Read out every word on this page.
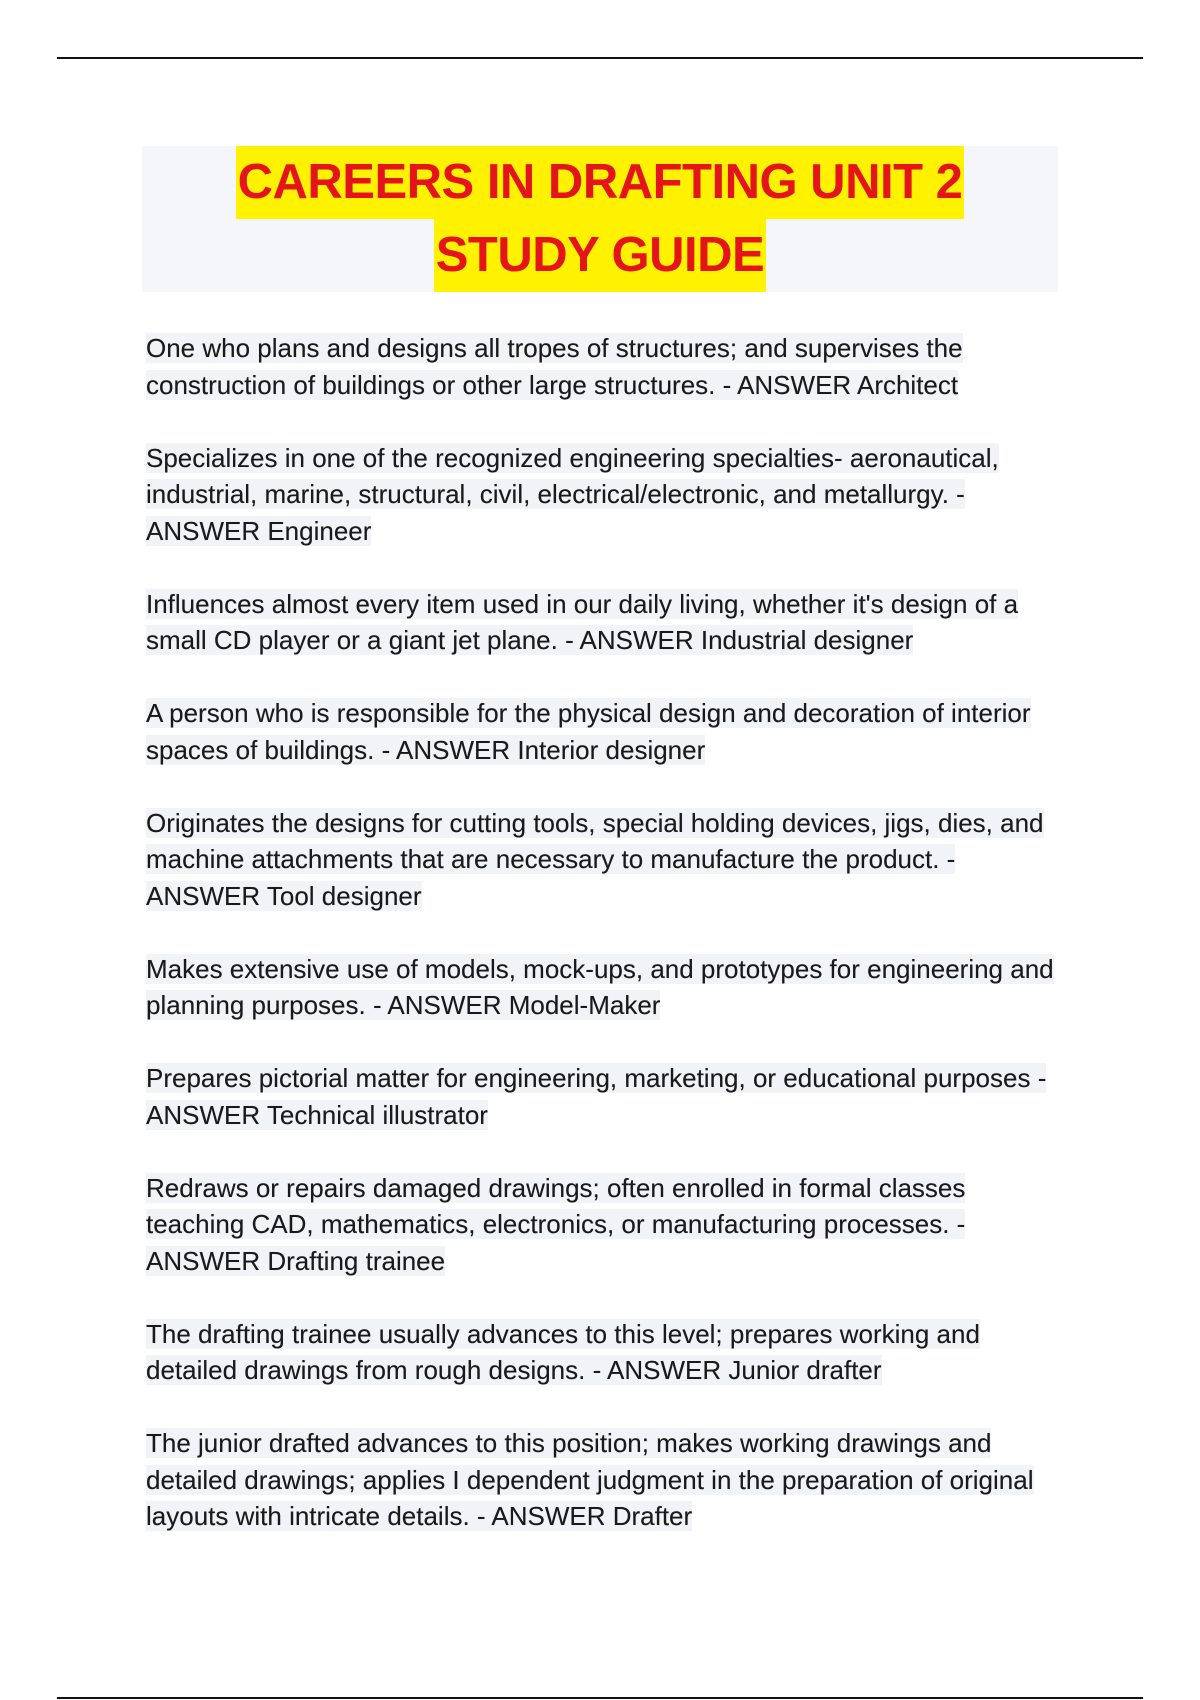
CAREERS IN DRAFTING UNIT 2
STUDY GUIDE
One who plans and designs all tropes of structures; and supervises the construction of buildings or other large structures. - ANSWER Architect
Specializes in one of the recognized engineering specialties- aeronautical, industrial, marine, structural, civil, electrical/electronic, and metallurgy. - ANSWER Engineer
Influences almost every item used in our daily living, whether it's design of a small CD player or a giant jet plane. - ANSWER Industrial designer
A person who is responsible for the physical design and decoration of interior spaces of buildings. - ANSWER Interior designer
Originates the designs for cutting tools, special holding devices, jigs, dies, and machine attachments that are necessary to manufacture the product. - ANSWER Tool designer
Makes extensive use of models, mock-ups, and prototypes for engineering and planning purposes. - ANSWER Model-Maker
Prepares pictorial matter for engineering, marketing, or educational purposes - ANSWER Technical illustrator
Redraws or repairs damaged drawings; often enrolled in formal classes teaching CAD, mathematics, electronics, or manufacturing processes. - ANSWER Drafting trainee
The drafting trainee usually advances to this level; prepares working and detailed drawings from rough designs. - ANSWER Junior drafter
The junior drafted advances to this position; makes working drawings and detailed drawings; applies I dependent judgment in the preparation of original layouts with intricate details. - ANSWER Drafter
